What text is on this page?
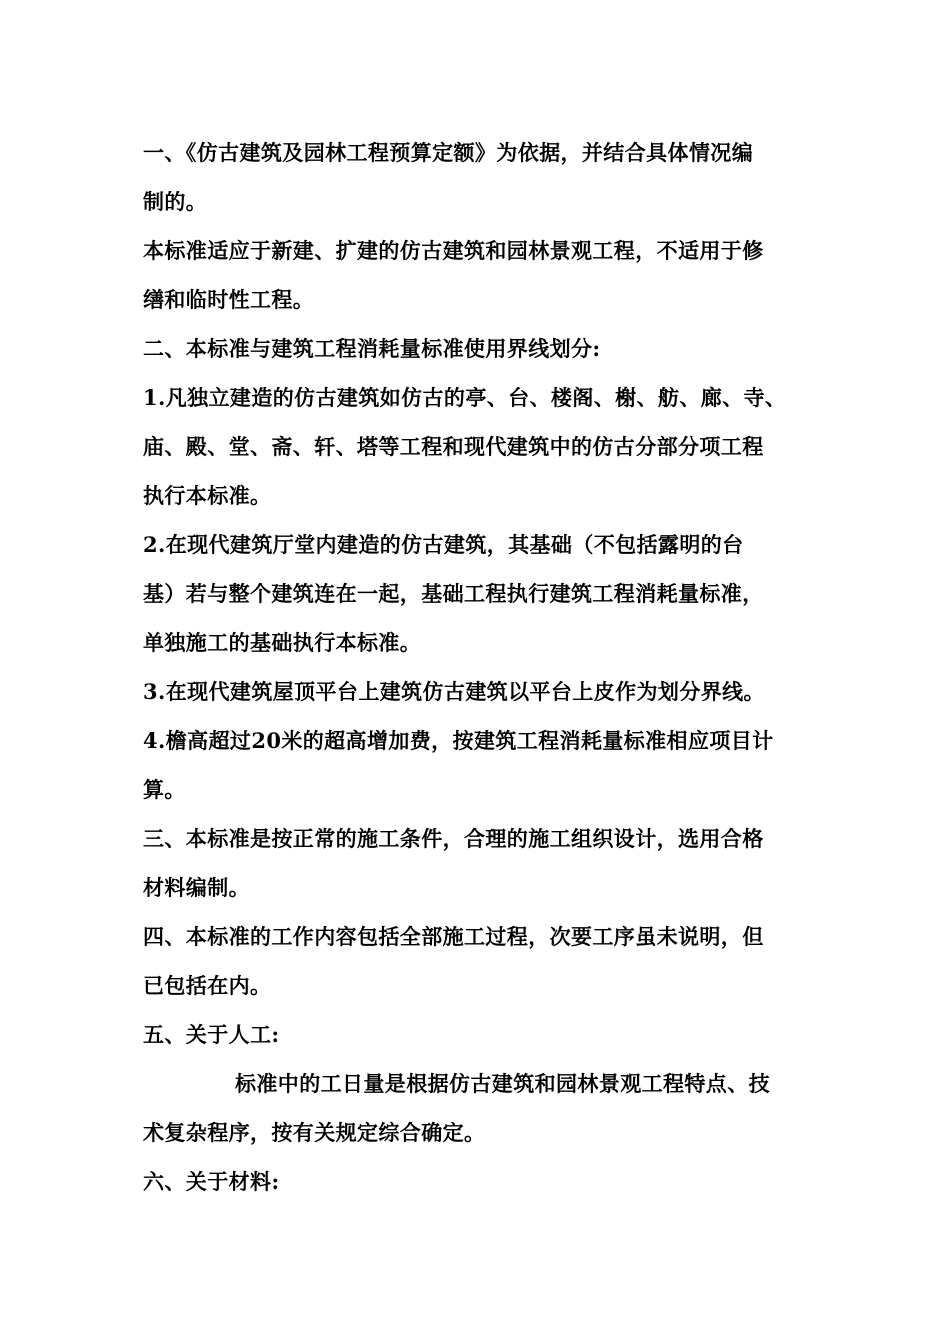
一、《仿古建筑及园林工程预算定额》为依据，并结合具体情况编
制的。
本标准适应于新建、扩建的仿古建筑和园林景观工程，不适用于修
缮和临时性工程。
二、本标准与建筑工程消耗量标准使用界线划分:
1.凡独立建造的仿古建筑如仿古的亭、台、楼阁、榭、舫、廊、寺、
庙、殿、堂、斋、轩、塔等工程和现代建筑中的仿古分部分项工程
执行本标准。
2.在现代建筑厅堂内建造的仿古建筑，其基础（不包括露明的台
基）若与整个建筑连在一起，基础工程执行建筑工程消耗量标准，
单独施工的基础执行本标准。
3.在现代建筑屋顶平台上建筑仿古建筑以平台上皮作为划分界线。
4.檐高超过20米的超高增加费，按建筑工程消耗量标准相应项目计
算。
三、本标准是按正常的施工条件，合理的施工组织设计，选用合格
材料编制。
四、本标准的工作内容包括全部施工过程，次要工序虽未说明，但
已包括在内。
五、关于人工:
标准中的工日量是根据仿古建筑和园林景观工程特点、技
术复杂程序，按有关规定综合确定。
六、关于材料:
